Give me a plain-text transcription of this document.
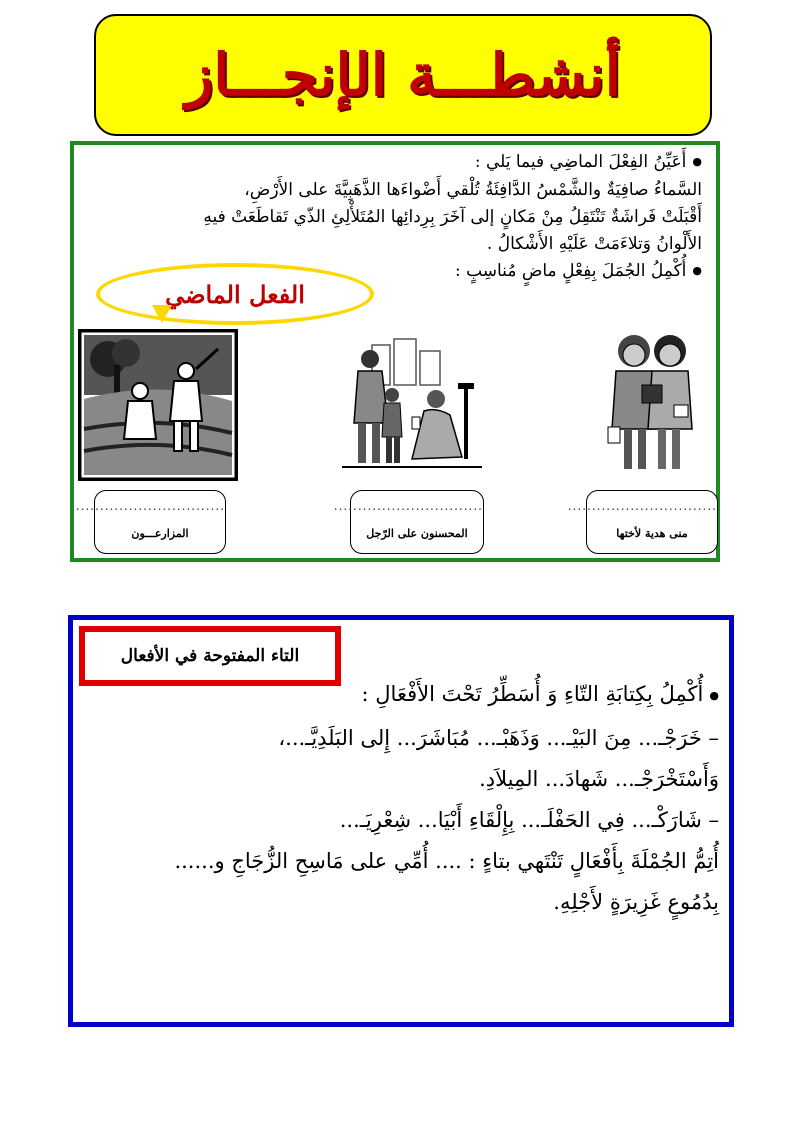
أنشطـــة الإنجـــاز
● أَعَيِّنُ الفِعْلَ الماضِي فيما يَلي :
السَّماءُ صافِيَةٌ والشَّمْسُ الدَّافِئَةُ تُلْقي أَضْواءَها الذَّهَبِيَّةَ على الأَرْضِ،
أَقْبَلَتْ فَراشَةٌ تَنْتَقِلُ مِنْ مَكانٍ إلى آخَرَ بِرِدائِها المُتَلأْلِئِ الذّي تَقاطَعَتْ فيهِ
الأَلْوانُ وَتلاءَمَتْ عَلَيْهِ الأَشْكالُ .
● أُكْمِلُ الجُمَلَ بِفِعْلٍ ماضٍ مُناسِبٍ :
الفعل الماضي
...............................
المزارعـــون
...............................
المحسنون على الرّجل
...............................
منى هدية لأختها
التاء المفتوحة في الأفعال
● أُكْمِلُ بِكِتابَةِ التّاءِ وَ أُسَطِّرُ تَحْتَ الأَفْعَالِ :
– خَرَجْـ... مِنَ البَيْـ... وَذَهَبْـ... مُبَاشَرَ... إِلى البَلَدِيَّـ...،
وَأَسْتَخْرَجْـ... شَهادَ... المِيلاَدِ.
– شَارَكْـ... فِي الحَفْلَـ... بِإِلْقَاءِ أَبْيَا... شِعْرِيَـ...
أُتِمُّ الجُمْلَةَ بِأَفْعَالٍ تَنْتَهي بتاءٍ : .... أُمِّي على مَاسِحِ الزُّجَاجِ و......
بِدُمُوعٍ غَزِيرَةٍ لأَجْلِهِ.
